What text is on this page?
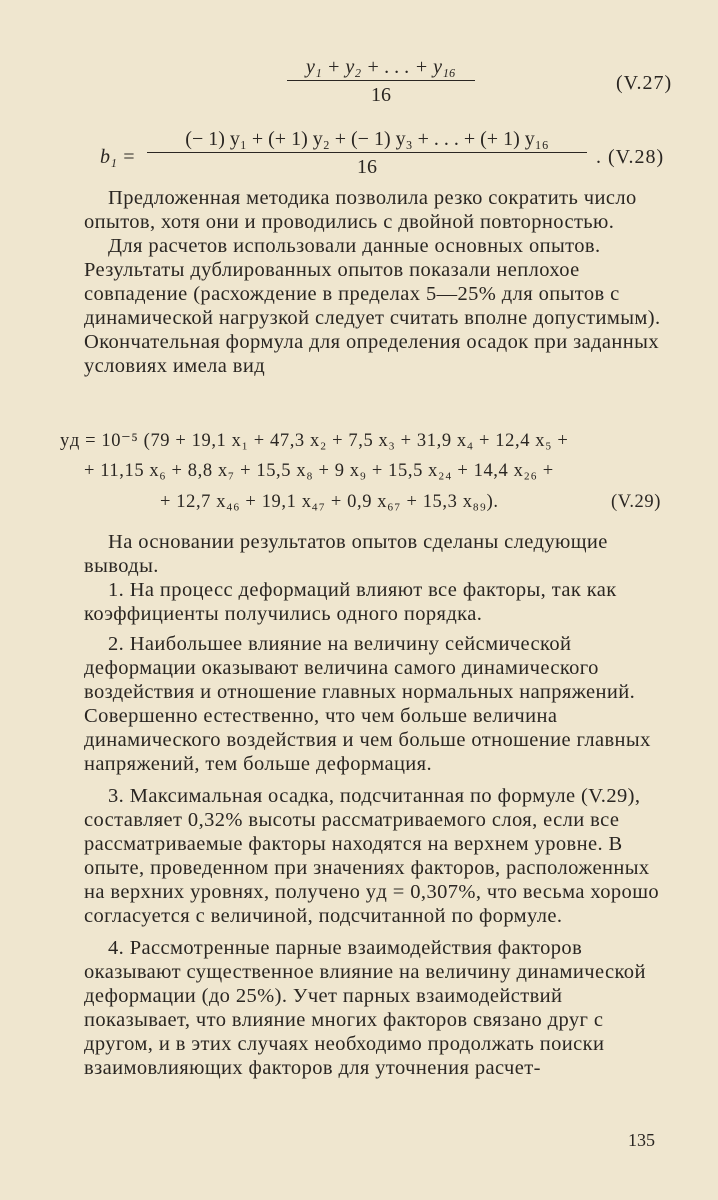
y₁ + y₂ + . . . + y₁₆
16
(V.27)
b₁ =
(− 1) y₁ + (+ 1) y₂ + (− 1) y₃ + . . . + (+ 1) y₁₆
16	. (V.28)

Предложенная методика позволила резко сократить число опытов, хотя они и проводились с двойной повторностью.

Для расчетов использовали данные основных опытов. Результаты дублированных опытов показали неплохое совпадение (расхождение в пределах 5—25% для опытов с динамической нагрузкой следует считать вполне допустимым). Окончательная формула для определения осадок при заданных условиях имела вид

yд = 10⁻⁵ (79 + 19,1 x₁ + 47,3 x₂ + 7,5 x₃ + 31,9 x₄ + 12,4 x₅ +
+ 11,15 x₆ + 8,8 x₇ + 15,5 x₈ + 9 x₉ + 15,5 x₂₄ + 14,4 x₂₆ +
+ 12,7 x₄₆ + 19,1 x₄₇ + 0,9 x₆₇ + 15,3 x₈₉).	(V.29)

На основании результатов опытов сделаны следующие выводы.

1. На процесс деформаций влияют все факторы, так как коэффициенты получились одного порядка.

2. Наибольшее влияние на величину сейсмической деформации оказывают величина самого динамического воздействия и отношение главных нормальных напряжений. Совершенно естественно, что чем больше величина динамического воздействия и чем больше отношение главных напряжений, тем больше деформация.

3. Максимальная осадка, подсчитанная по формуле (V.29), составляет 0,32% высоты рассматриваемого слоя, если все рассматриваемые факторы находятся на верхнем уровне. В опыте, проведенном при значениях факторов, расположенных на верхних уровнях, получено yд = 0,307%, что весьма хорошо согласуется с величиной, подсчитанной по формуле.

4. Рассмотренные парные взаимодействия факторов оказывают существенное влияние на величину динамической деформации (до 25%). Учет парных взаимодействий показывает, что влияние многих факторов связано друг с другом, и в этих случаях необходимо продолжать поиски взаимовлияющих факторов для уточнения расчет-

135
